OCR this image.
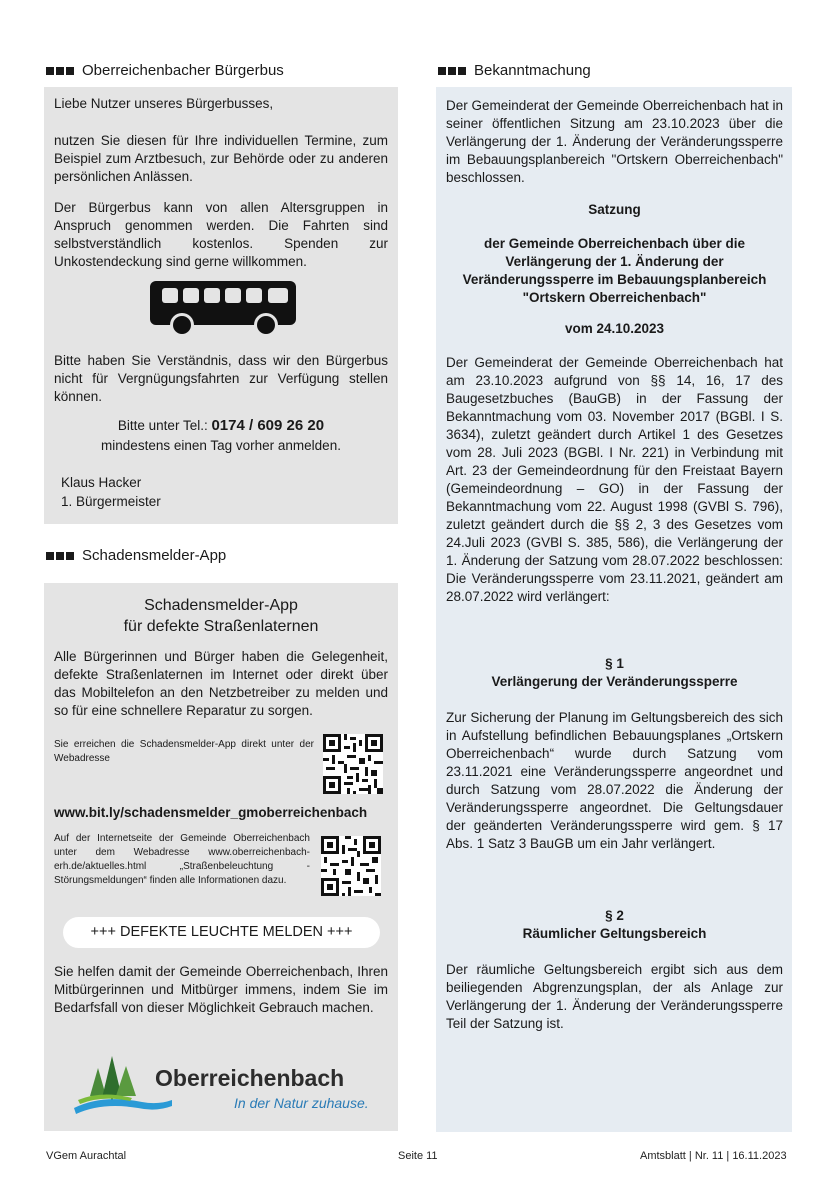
Oberreichenbacher Bürgerbus

Liebe Nutzer unseres Bürgerbusses,

nutzen Sie diesen für Ihre individuellen Termine, zum Beispiel zum Arztbesuch, zur Behörde oder zu anderen persönlichen Anlässen.

Der Bürgerbus kann von allen Altersgruppen in Anspruch genommen werden. Die Fahrten sind selbstverständlich kostenlos. Spenden zur Unkostendeckung sind gerne willkommen.

Bitte haben Sie Verständnis, dass wir den Bürgerbus nicht für Vergnügungsfahrten zur Verfügung stellen können.

Bitte unter Tel.: 0174 / 609 26 20
mindestens einen Tag vorher anmelden.
Klaus Hacker
1. Bürgermeister
Schadensmelder-App
Schadensmelder-App
für defekte Straßenlaternen

Alle Bürgerinnen und Bürger haben die Gelegenheit, defekte Straßenlaternen im Internet oder direkt über das Mobiltelefon an den Netzbetreiber zu melden und so für eine schnellere Reparatur zu sorgen.

Sie erreichen die Schadensmelder-App direkt unter der Webadresse

www.bit.ly/schadensmelder_gmoberreichenbach

Auf der Internetseite der Gemeinde Oberreichenbach unter dem Webadresse www.oberreichenbach-erh.de/aktuelles.html „Straßenbeleuchtung - Störungsmeldungen“ finden alle Informationen dazu.

+++ DEFEKTE LEUCHTE MELDEN +++

Sie helfen damit der Gemeinde Oberreichenbach, Ihren Mitbürgerinnen und Mitbürger immens, indem Sie im Bedarfsfall von dieser Möglichkeit Gebrauch machen.

Oberreichenbach
In der Natur zuhause.
Bekanntmachung

Der Gemeinderat der Gemeinde Oberreichenbach hat in seiner öffentlichen Sitzung am 23.10.2023 über die Verlängerung der 1. Änderung der Veränderungssperre im Bebauungsplanbereich "Ortskern Oberreichenbach" beschlossen.

Satzung

der Gemeinde Oberreichenbach über die Verlängerung der 1. Änderung der Veränderungssperre im Bebauungsplanbereich "Ortskern Oberreichenbach"

vom 24.10.2023

Der Gemeinderat der Gemeinde Oberreichenbach hat am 23.10.2023 aufgrund von §§ 14, 16, 17 des Baugesetzbuches (BauGB) in der Fassung der Bekanntmachung vom 03. November 2017 (BGBl. I S. 3634), zuletzt geändert durch Artikel 1 des Gesetzes vom 28. Juli 2023 (BGBl. I Nr. 221) in Verbindung mit Art. 23 der Gemeindeordnung für den Freistaat Bayern (Gemeindeordnung – GO) in der Fassung der Bekanntmachung vom 22. August 1998 (GVBl S. 796), zuletzt geändert durch die §§ 2, 3 des Gesetzes vom 24.Juli 2023 (GVBl S. 385, 586), die Verlängerung der 1. Änderung der Satzung vom 28.07.2022 beschlossen: Die Veränderungssperre vom 23.11.2021, geändert am 28.07.2022 wird verlängert:

§ 1
Verlängerung der Veränderungssperre

Zur Sicherung der Planung im Geltungsbereich des sich in Aufstellung befindlichen Bebauungsplanes „Ortskern Oberreichenbach“ wurde durch Satzung vom 23.11.2021 eine Veränderungssperre angeordnet und durch Satzung vom 28.07.2022 die Änderung der Veränderungssperre angeordnet. Die Geltungsdauer der geänderten Veränderungssperre wird gem. § 17 Abs. 1 Satz 3 BauGB um ein Jahr verlängert.

§ 2
Räumlicher Geltungsbereich

Der räumliche Geltungsbereich ergibt sich aus dem beiliegenden Abgrenzungsplan, der als Anlage zur Verlängerung der 1. Änderung der Veränderungssperre Teil der Satzung ist.

VGem Aurachtal	Seite 11	Amtsblatt | Nr. 11 | 16.11.2023
